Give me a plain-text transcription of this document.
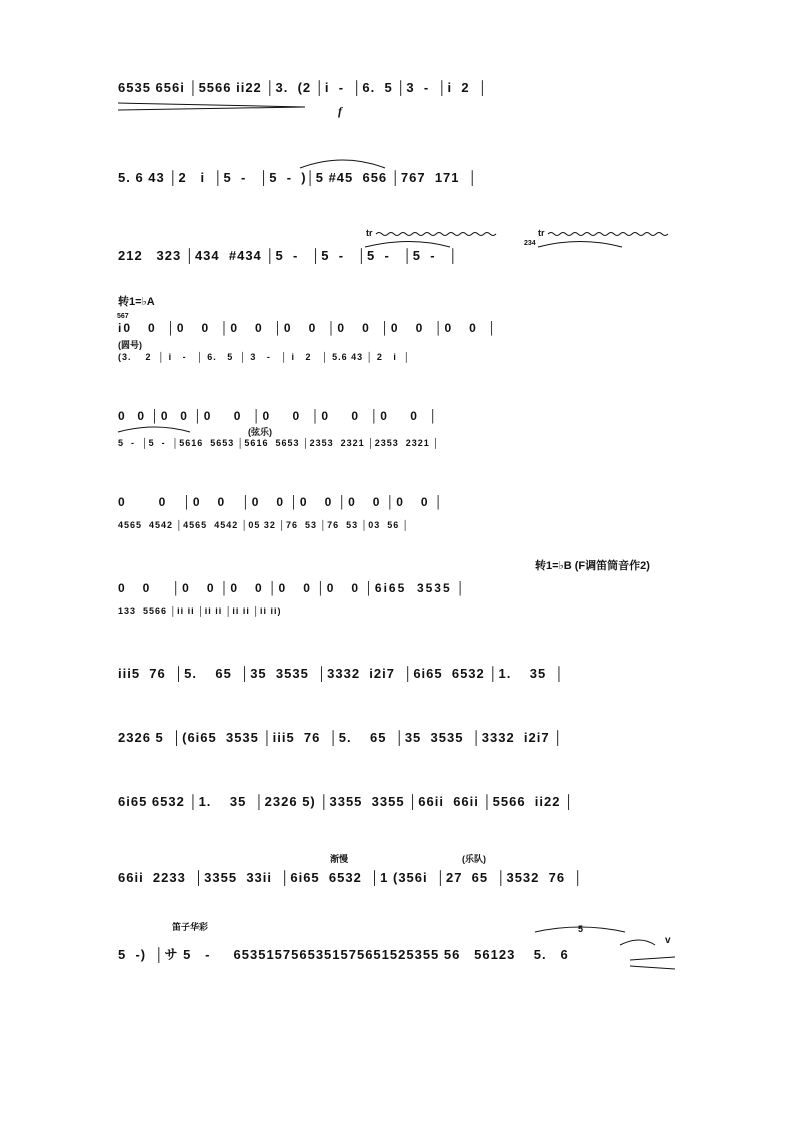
6535 656i │5566 ii22 │3.  (2 │i  -  │6.  5 │3  -  │i  2  │
f
5. 6 43 │2   i  │5  -   │5  -  )│5 #45  656 │767  171  │
tr	tr
234
212   323 │434  #434 │5  -   │5  -   │5  -   │5  -   │
转1=♭A
567
i0   0  │0   0  │0   0  │0   0  │0   0  │0   0  │0   0  │
(圆号)
(3.    2  │ i   -   │ 6.   5  │ 3   -   │ i   2   │ 5.6 43 │ 2   i  │
0  0 │0  0 │0    0  │0    0  │0    0  │0    0  │
(弦乐)
5  -  │5  -  │5616  5653 │5616  5653 │2353  2321 │2353  2321 │
0      0   │0   0   │0   0 │0   0 │0   0 │0   0 │
4565  4542 │4565  4542 │05 32 │76  53 │76  53 │03  56 │
转1=♭B (F调笛筒音作2)
0   0    │0   0 │0   0 │0   0 │0   0 │6i65  3535 │
133  5566 │ii ii │ii ii │ii ii │ii ii)
iii5  76  │5.    65  │35  3535  │3332  i2i7  │6i65  6532 │1.    35  │
2326 5  │(6i65  3535 │iii5  76  │5.    65  │35  3535  │3332  i2i7 │
6i65 6532 │1.    35  │2326 5) │3355  3355 │66ii  66ii │5566  ii22 │
渐慢	(乐队)
66ii  2233  │3355  33ii  │6i65  6532  │1 (356i  │27  65  │3532  76  │
笛子华彩	5
5  -)  │サ 5   -     6535157565351575651525355 56   56123    5.   6
v
